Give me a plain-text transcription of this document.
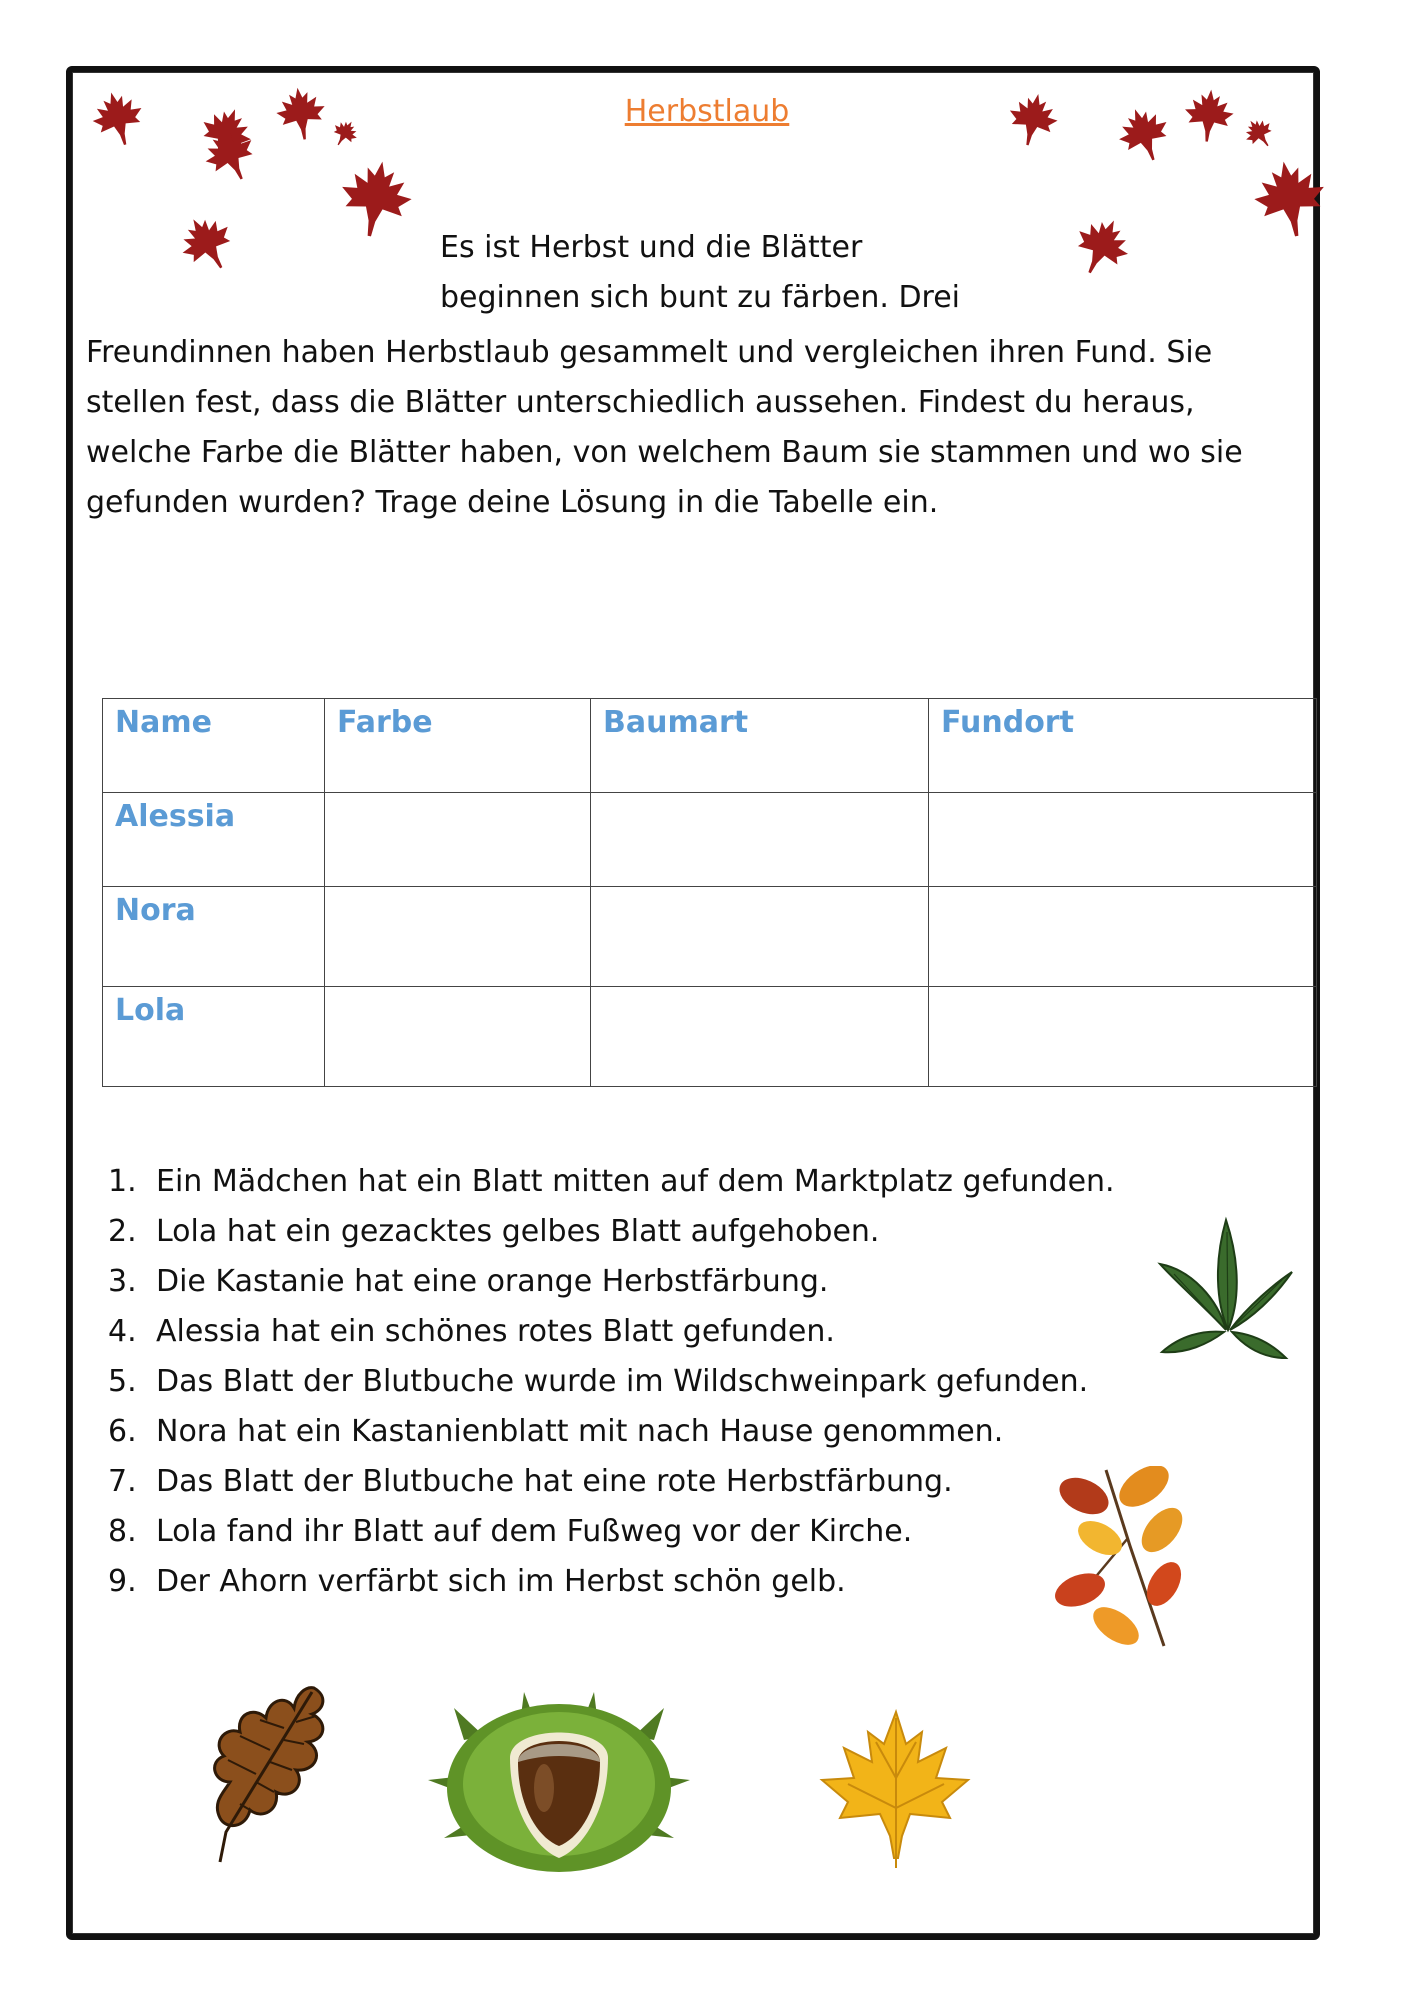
Herbstlaub
Es ist Herbst und die Blätter
beginnen sich bunt zu färben. Drei
Freundinnen haben Herbstlaub gesammelt und vergleichen ihren Fund. Sie
stellen fest, dass die Blätter unterschiedlich aussehen. Findest du heraus,
welche Farbe die Blätter haben, von welchem Baum sie stammen und wo sie
gefunden wurden? Trage deine Lösung in die Tabelle ein.
Name	Farbe	Baumart	Fundort
Alessia			
Nora			
Lola			
1. Ein Mädchen hat ein Blatt mitten auf dem Marktplatz gefunden.
2. Lola hat ein gezacktes gelbes Blatt aufgehoben.
3. Die Kastanie hat eine orange Herbstfärbung.
4. Alessia hat ein schönes rotes Blatt gefunden.
5. Das Blatt der Blutbuche wurde im Wildschweinpark gefunden.
6. Nora hat ein Kastanienblatt mit nach Hause genommen.
7. Das Blatt der Blutbuche hat eine rote Herbstfärbung.
8. Lola fand ihr Blatt auf dem Fußweg vor der Kirche.
9. Der Ahorn verfärbt sich im Herbst schön gelb.
